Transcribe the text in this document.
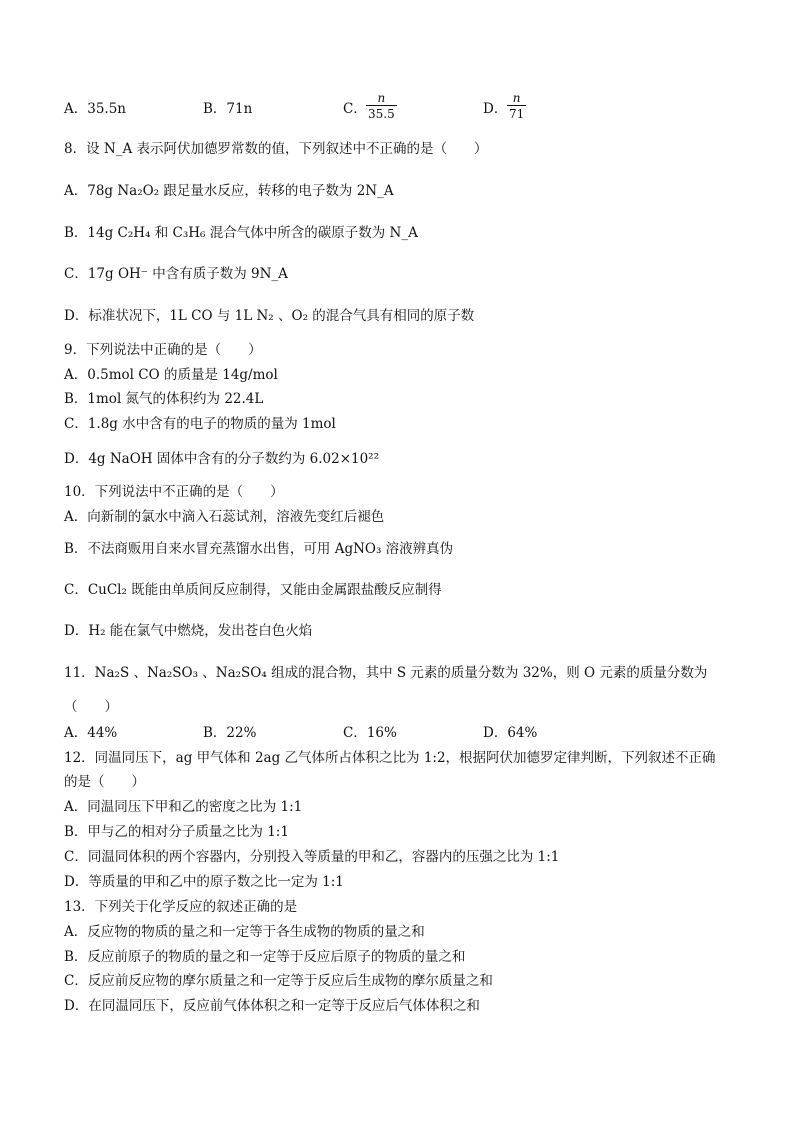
A．35.5n	B．71n	C． $\frac{n}{35.5}$	D． $\frac{n}{71}$
8．设 N_A 表示阿伏加德罗常数的值，下列叙述中不正确的是（　　）
A．78g Na₂O₂ 跟足量水反应，转移的电子数为 2N_A
B．14g C₂H₄ 和 C₃H₆ 混合气体中所含的碳原子数为 N_A
C．17g OH⁻ 中含有质子数为 9N_A
D．标准状况下，1L CO 与 1L N₂ 、O₂ 的混合气具有相同的原子数
9．下列说法中正确的是（　　）
A．0.5mol CO 的质量是 14g/mol
B．1mol 氮气的体积约为 22.4L
C．1.8g 水中含有的电子的物质的量为 1mol
D．4g NaOH 固体中含有的分子数约为 6.02×10²²
10．下列说法中不正确的是（　　）
A．向新制的氯水中滴入石蕊试剂，溶液先变红后褪色
B．不法商贩用自来水冒充蒸馏水出售，可用 AgNO₃ 溶液辨真伪
C．CuCl₂ 既能由单质间反应制得，又能由金属跟盐酸反应制得
D．H₂ 能在氯气中燃烧，发出苍白色火焰
11．Na₂S 、Na₂SO₃ 、Na₂SO₄ 组成的混合物，其中 S 元素的质量分数为 32%，则 O 元素的质量分数为
（　　）
A．44%	B．22%	C．16%	D．64%
12．同温同压下，ag 甲气体和 2ag 乙气体所占体积之比为 1:2，根据阿伏加德罗定律判断，下列叙述不正确
的是（　　）
A．同温同压下甲和乙的密度之比为 1:1
B．甲与乙的相对分子质量之比为 1:1
C．同温同体积的两个容器内，分别投入等质量的甲和乙，容器内的压强之比为 1:1
D．等质量的甲和乙中的原子数之比一定为 1:1
13．下列关于化学反应的叙述正确的是
A．反应物的物质的量之和一定等于各生成物的物质的量之和
B．反应前原子的物质的量之和一定等于反应后原子的物质的量之和
C．反应前反应物的摩尔质量之和一定等于反应后生成物的摩尔质量之和
D．在同温同压下，反应前气体体积之和一定等于反应后气体体积之和
